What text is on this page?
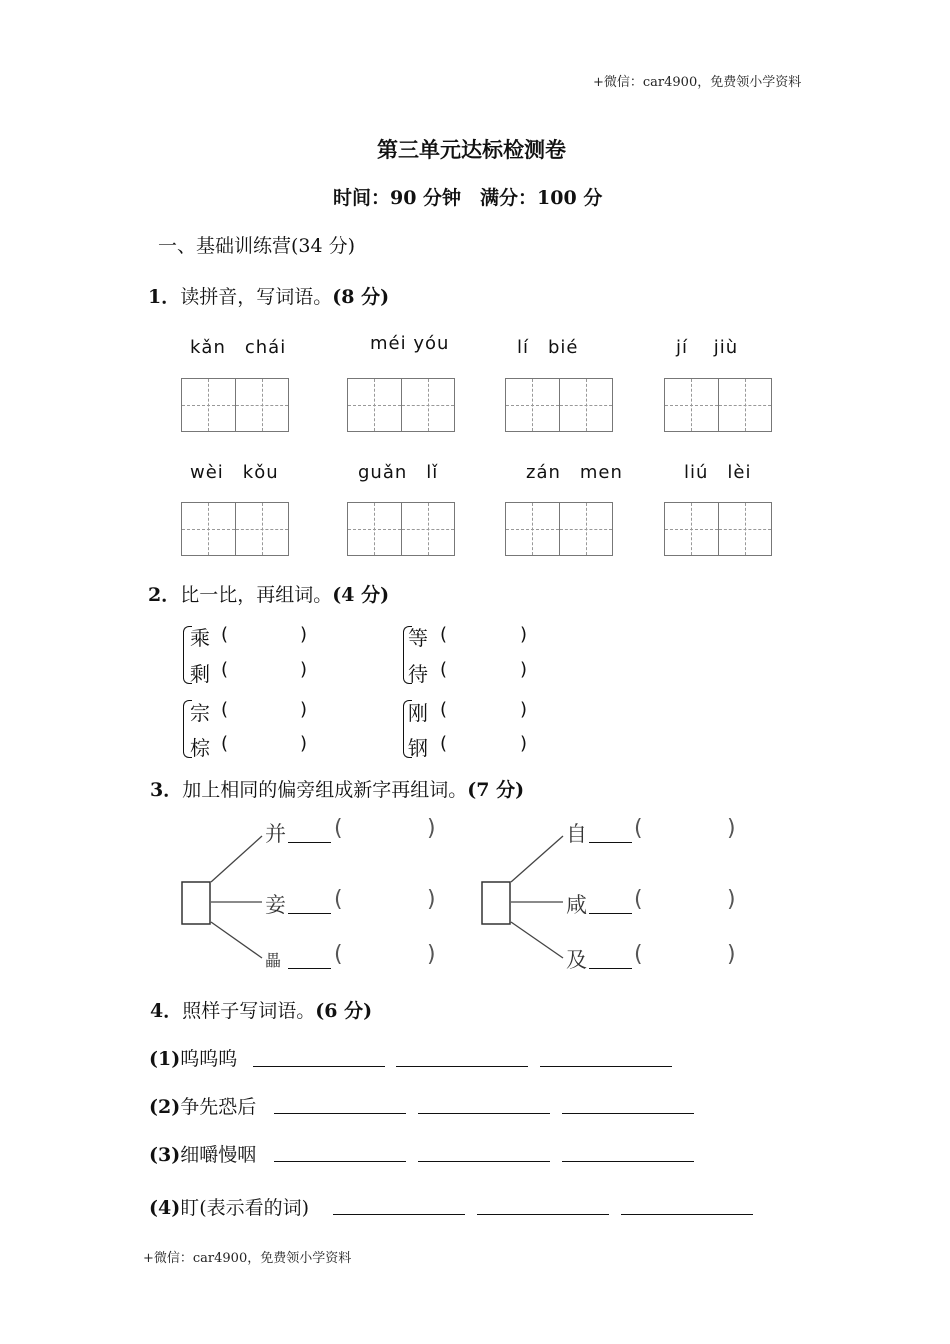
+微信：car4900，免费领小学资料
+微信：car4900，免费领小学资料
第三单元达标检测卷
时间：90 分钟　满分：100 分
一、基础训练营(34 分)
1．读拼音，写词语。(8 分)
kǎn　chái	méi yóu	lí　bié	jí　 jiù
wèi　kǒu	guǎn　lǐ	zán　men	liú　lèi
2．比一比，再组词。(4 分)
乘
剩
(	)
(	)
等
待
(	)
(	)
宗
棕
(	)
(	)
刚
钢
(	)
(	)
3．加上相同的偏旁组成新字再组词。(7 分)
并 (	)
妾 (	)
畾 (	)
自 (	)
咸 (	)
及 (	)
4．照样子写词语。(6 分)
(1)呜呜呜
(2)争先恐后
(3)细嚼慢咽
(4)盯(表示看的词)
